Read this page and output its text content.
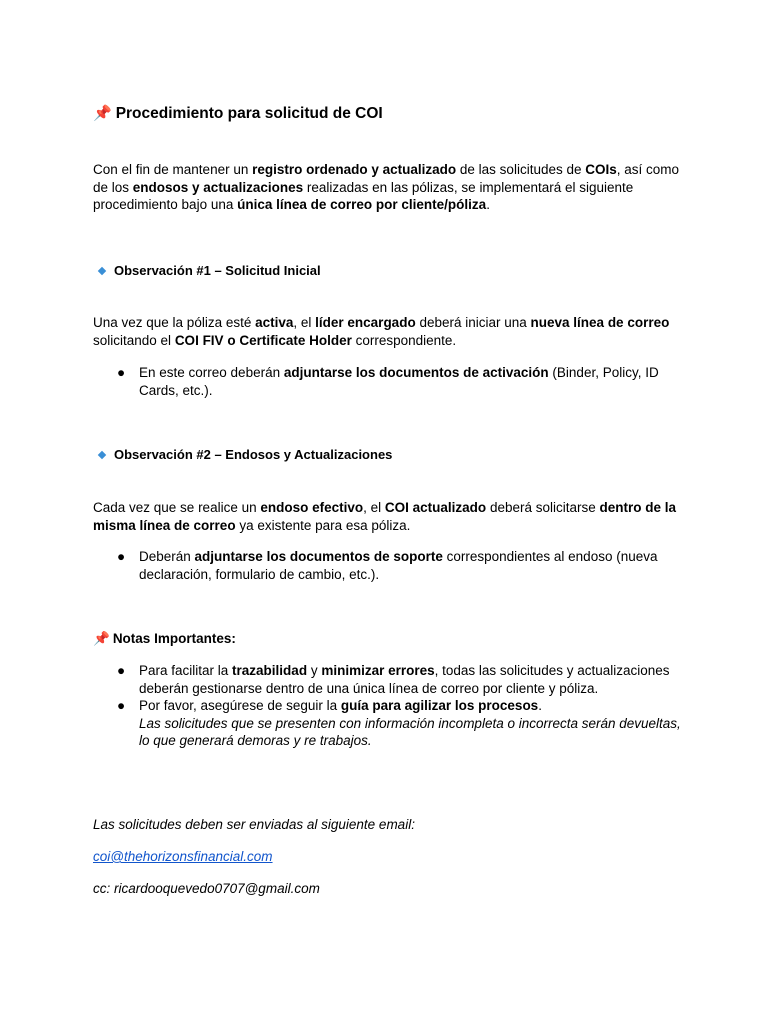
📌 Procedimiento para solicitud de COI

Con el fin de mantener un registro ordenado y actualizado de las solicitudes de COIs, así como de los endosos y actualizaciones realizadas en las pólizas, se implementará el siguiente procedimiento bajo una única línea de correo por cliente/póliza.

Observación #1 – Solicitud Inicial

Una vez que la póliza esté activa, el líder encargado deberá iniciar una nueva línea de correo solicitando el COI FIV o Certificate Holder correspondiente.

● En este correo deberán adjuntarse los documentos de activación (Binder, Policy, ID Cards, etc.).
Observación #2 – Endosos y Actualizaciones

Cada vez que se realice un endoso efectivo, el COI actualizado deberá solicitarse dentro de la misma línea de correo ya existente para esa póliza.

● Deberán adjuntarse los documentos de soporte correspondientes al endoso (nueva declaración, formulario de cambio, etc.).
📌 Notas Importantes:
● Para facilitar la trazabilidad y minimizar errores, todas las solicitudes y actualizaciones deberán gestionarse dentro de una única línea de correo por cliente y póliza.
● Por favor, asegúrese de seguir la guía para agilizar los procesos.
Las solicitudes que se presenten con información incompleta o incorrecta serán devueltas, lo que generará demoras y re trabajos.

Las solicitudes deben ser enviadas al siguiente email:

coi@thehorizonsfinancial.com

cc: ricardooquevedo0707@gmail.com
